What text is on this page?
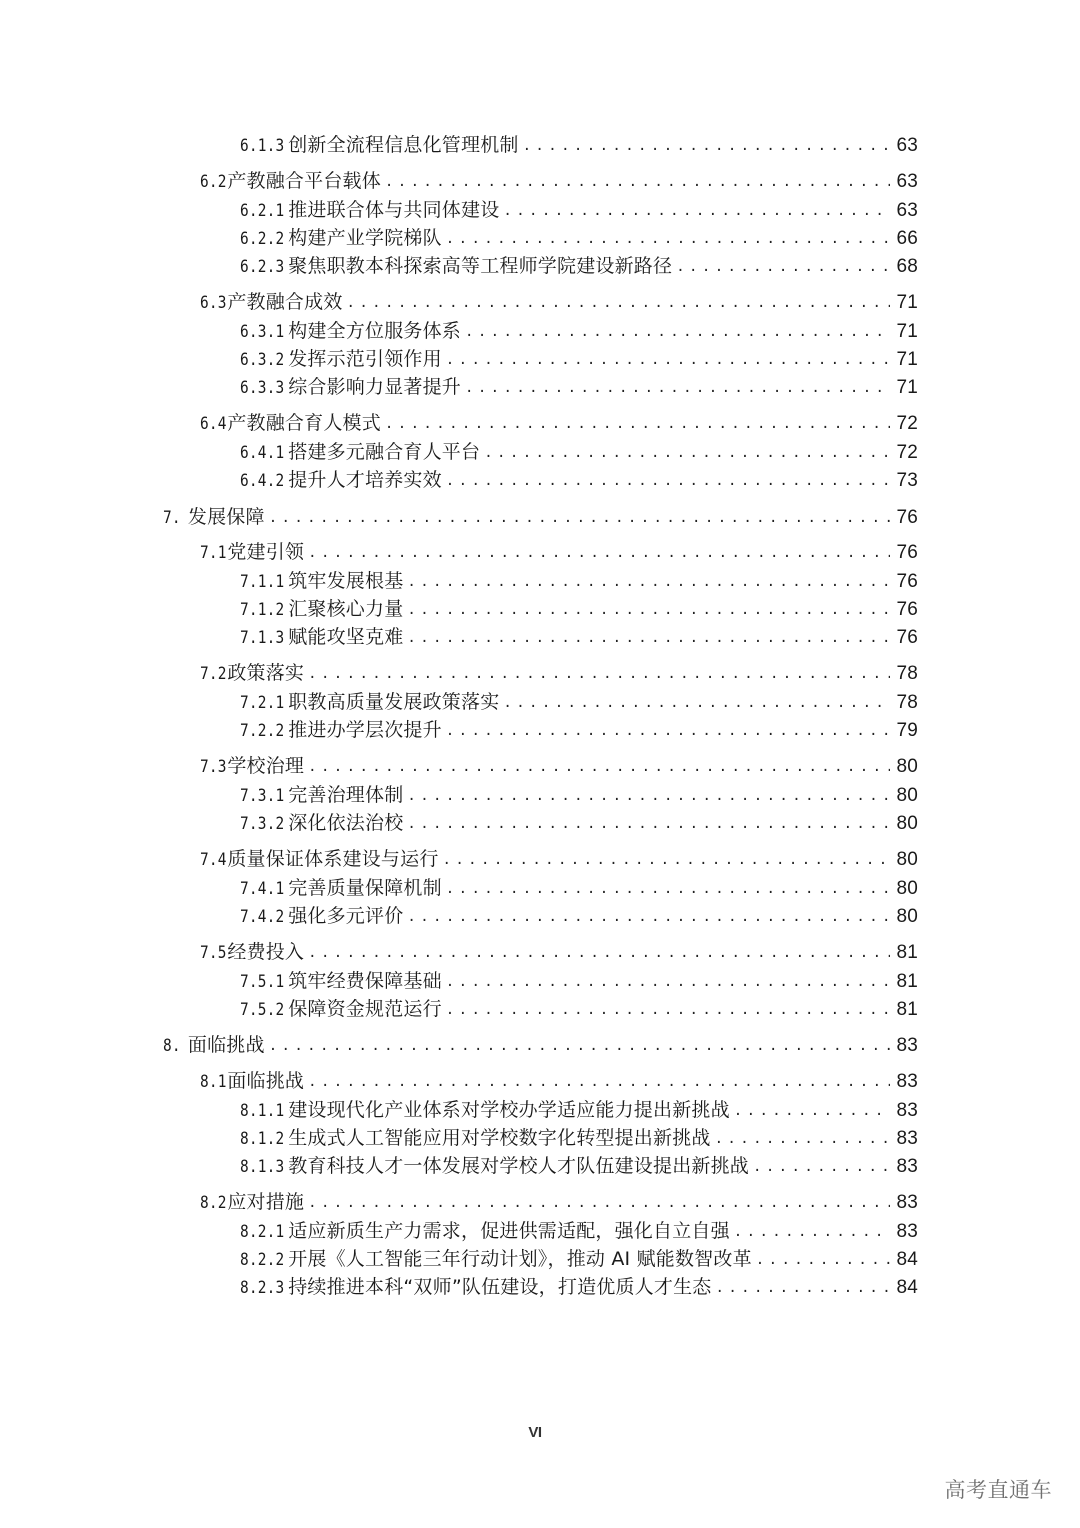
6.1.3 创新全流程信息化管理机制 .....	63
6.2 产教融合平台载体 .....	63
6.2.1 推进联合体与共同体建设 .....	63
6.2.2 构建产业学院梯队 .....	66
6.2.3 聚焦职教本科探索高等工程师学院建设新路径 .....	68
6.3 产教融合成效 .....	71
6.3.1 构建全方位服务体系 .....	71
6.3.2 发挥示范引领作用 .....	71
6.3.3 综合影响力显著提升 .....	71
6.4 产教融合育人模式 .....	72
6.4.1 搭建多元融合育人平台 .....	72
6.4.2 提升人才培养实效 .....	73
7. 发展保障 .....	76
7.1 党建引领 .....	76
7.1.1 筑牢发展根基 .....	76
7.1.2 汇聚核心力量 .....	76
7.1.3 赋能攻坚克难 .....	76
7.2 政策落实 .....	78
7.2.1 职教高质量发展政策落实 .....	78
7.2.2 推进办学层次提升 .....	79
7.3 学校治理 .....	80
7.3.1 完善治理体制 .....	80
7.3.2 深化依法治校 .....	80
7.4 质量保证体系建设与运行 .....	80
7.4.1 完善质量保障机制 .....	80
7.4.2 强化多元评价 .....	80
7.5 经费投入 .....	81
7.5.1 筑牢经费保障基础 .....	81
7.5.2 保障资金规范运行 .....	81
8. 面临挑战 .....	83
8.1 面临挑战 .....	83
8.1.1 建设现代化产业体系对学校办学适应能力提出新挑战 .....	83
8.1.2 生成式人工智能应用对学校数字化转型提出新挑战 .....	83
8.1.3 教育科技人才一体发展对学校人才队伍建设提出新挑战 .....	83
8.2 应对措施 .....	83
8.2.1 适应新质生产力需求，促进供需适配，强化自立自强 .....	83
8.2.2 开展《人工智能三年行动计划》，推动 AI 赋能数智改革 .....	84
8.2.3 持续推进本科“双师”队伍建设，打造优质人才生态 .....	84
VI
高考直通车
